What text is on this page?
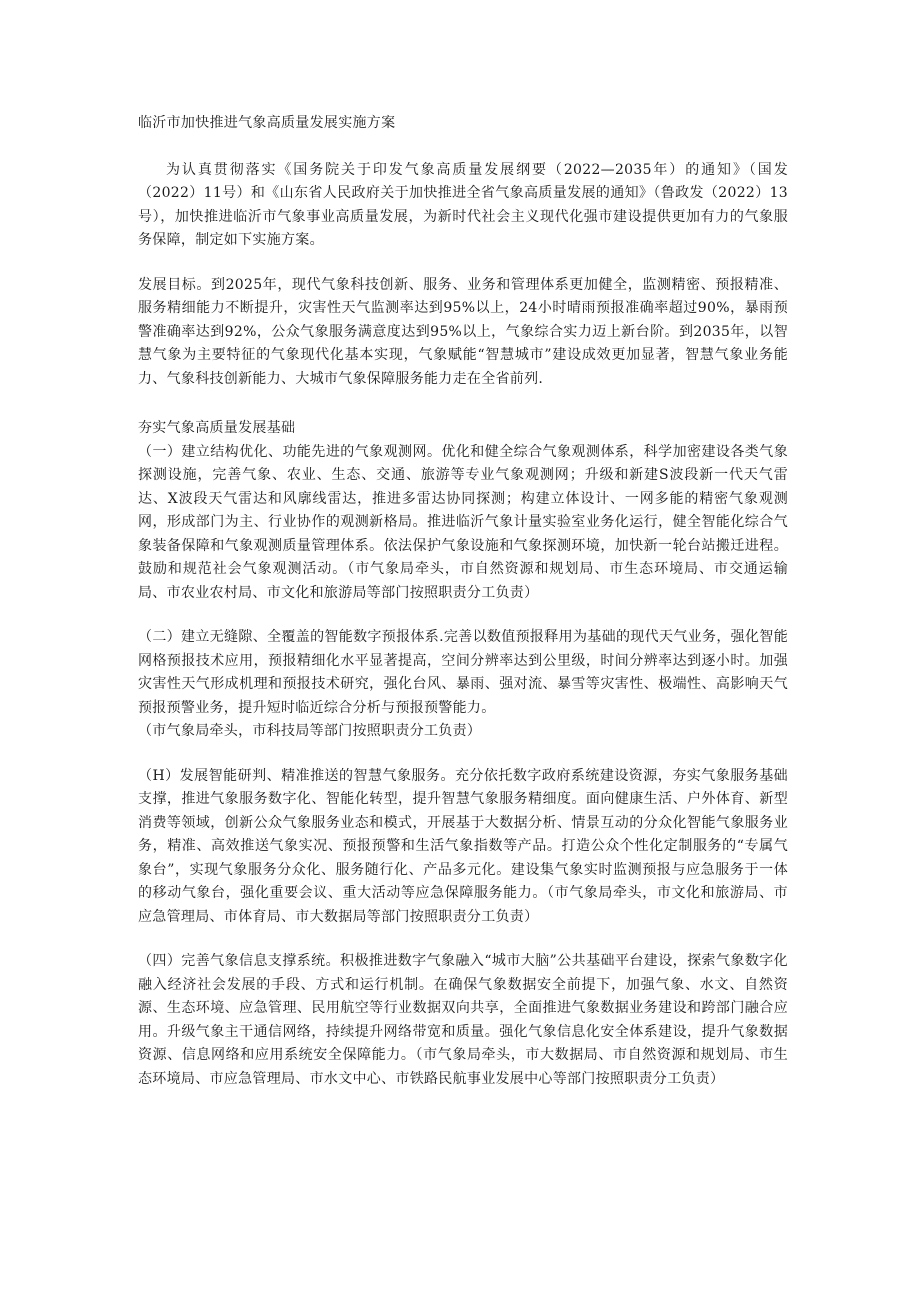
临沂市加快推进气象高质量发展实施方案

为认真贯彻落实《国务院关于印发气象高质量发展纲要（2022—2035年）的通知》（国发（2022）11号）和《山东省人民政府关于加快推进全省气象高质量发展的通知》（鲁政发（2022）13号），加快推进临沂市气象事业高质量发展，为新时代社会主义现代化强市建设提供更加有力的气象服务保障，制定如下实施方案。

发展目标。到2025年，现代气象科技创新、服务、业务和管理体系更加健全，监测精密、预报精准、服务精细能力不断提升，灾害性天气监测率达到95%以上，24小时晴雨预报准确率超过90%，暴雨预警准确率达到92%，公众气象服务满意度达到95%以上，气象综合实力迈上新台阶。到2035年，以智慧气象为主要特征的气象现代化基本实现，气象赋能“智慧城市”建设成效更加显著，智慧气象业务能力、气象科技创新能力、大城市气象保障服务能力走在全省前列.

夯实气象高质量发展基础

（一）建立结构优化、功能先进的气象观测网。优化和健全综合气象观测体系，科学加密建设各类气象探测设施，完善气象、农业、生态、交通、旅游等专业气象观测网；升级和新建S波段新一代天气雷达、X波段天气雷达和风廓线雷达，推进多雷达协同探测；构建立体设计、一网多能的精密气象观测网，形成部门为主、行业协作的观测新格局。推进临沂气象计量实验室业务化运行，健全智能化综合气象装备保障和气象观测质量管理体系。依法保护气象设施和气象探测环境，加快新一轮台站搬迁进程。鼓励和规范社会气象观测活动。（市气象局牵头，市自然资源和规划局、市生态环境局、市交通运输局、市农业农村局、市文化和旅游局等部门按照职责分工负责）

（二）建立无缝隙、全覆盖的智能数字预报体系.完善以数值预报释用为基础的现代天气业务，强化智能网格预报技术应用，预报精细化水平显著提高，空间分辨率达到公里级，时间分辨率达到逐小时。加强灾害性天气形成机理和预报技术研究，强化台风、暴雨、强对流、暴雪等灾害性、极端性、高影响天气预报预警业务，提升短时临近综合分析与预报预警能力。

（市气象局牵头，市科技局等部门按照职责分工负责）

（H）发展智能研判、精准推送的智慧气象服务。充分依托数字政府系统建设资源，夯实气象服务基础支撑，推进气象服务数字化、智能化转型，提升智慧气象服务精细度。面向健康生活、户外体育、新型消费等领域，创新公众气象服务业态和模式，开展基于大数据分析、情景互动的分众化智能气象服务业务，精准、高效推送气象实况、预报预警和生活气象指数等产品。打造公众个性化定制服务的“专属气象台”，实现气象服务分众化、服务随行化、产品多元化。建设集气象实时监测预报与应急服务于一体的移动气象台，强化重要会议、重大活动等应急保障服务能力。（市气象局牵头，市文化和旅游局、市应急管理局、市体育局、市大数据局等部门按照职责分工负责）

（四）完善气象信息支撑系统。积极推进数字气象融入“城市大脑”公共基础平台建设，探索气象数字化融入经济社会发展的手段、方式和运行机制。在确保气象数据安全前提下，加强气象、水文、自然资源、生态环境、应急管理、民用航空等行业数据双向共享，全面推进气象数据业务建设和跨部门融合应用。升级气象主干通信网络，持续提升网络带宽和质量。强化气象信息化安全体系建设，提升气象数据资源、信息网络和应用系统安全保障能力。（市气象局牵头，市大数据局、市自然资源和规划局、市生态环境局、市应急管理局、市水文中心、市铁路民航事业发展中心等部门按照职责分工负责）
